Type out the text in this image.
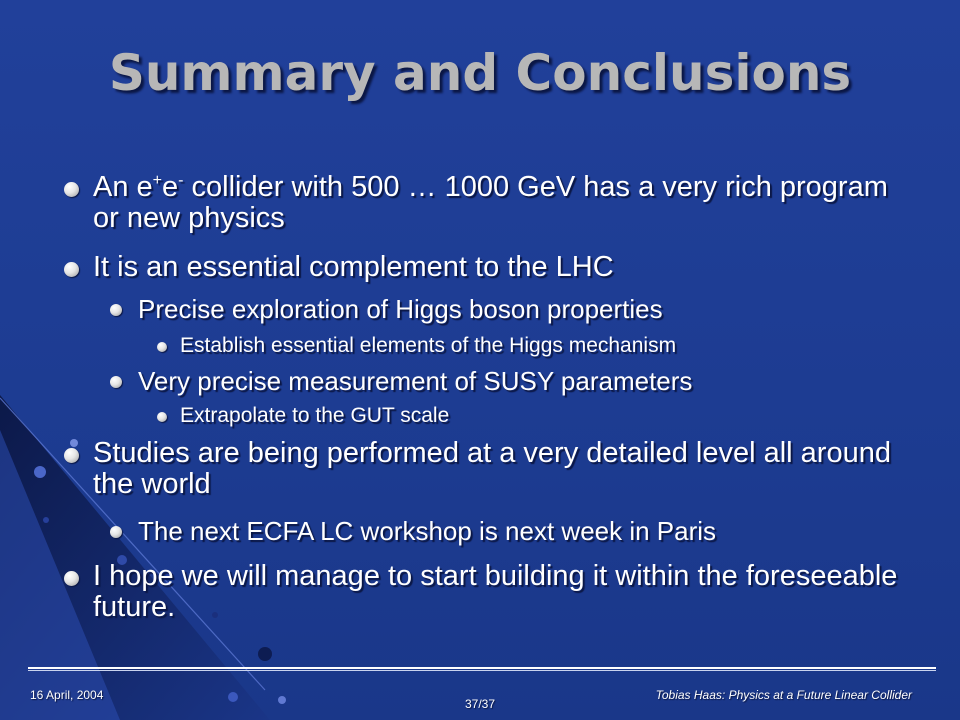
Summary and Conclusions
An e+e- collider with 500 … 1000 GeV has a very rich program or new physics
It is an essential complement to the LHC
Precise exploration of Higgs boson properties
Establish essential elements of the Higgs mechanism
Very precise measurement of SUSY parameters
Extrapolate to the GUT scale
Studies are being performed at a very detailed level all around the world
The next ECFA LC workshop is next week in Paris
I hope we will manage to start building it within the foreseeable future.
16 April, 2004
37/37
Tobias Haas: Physics at a Future Linear Collider
